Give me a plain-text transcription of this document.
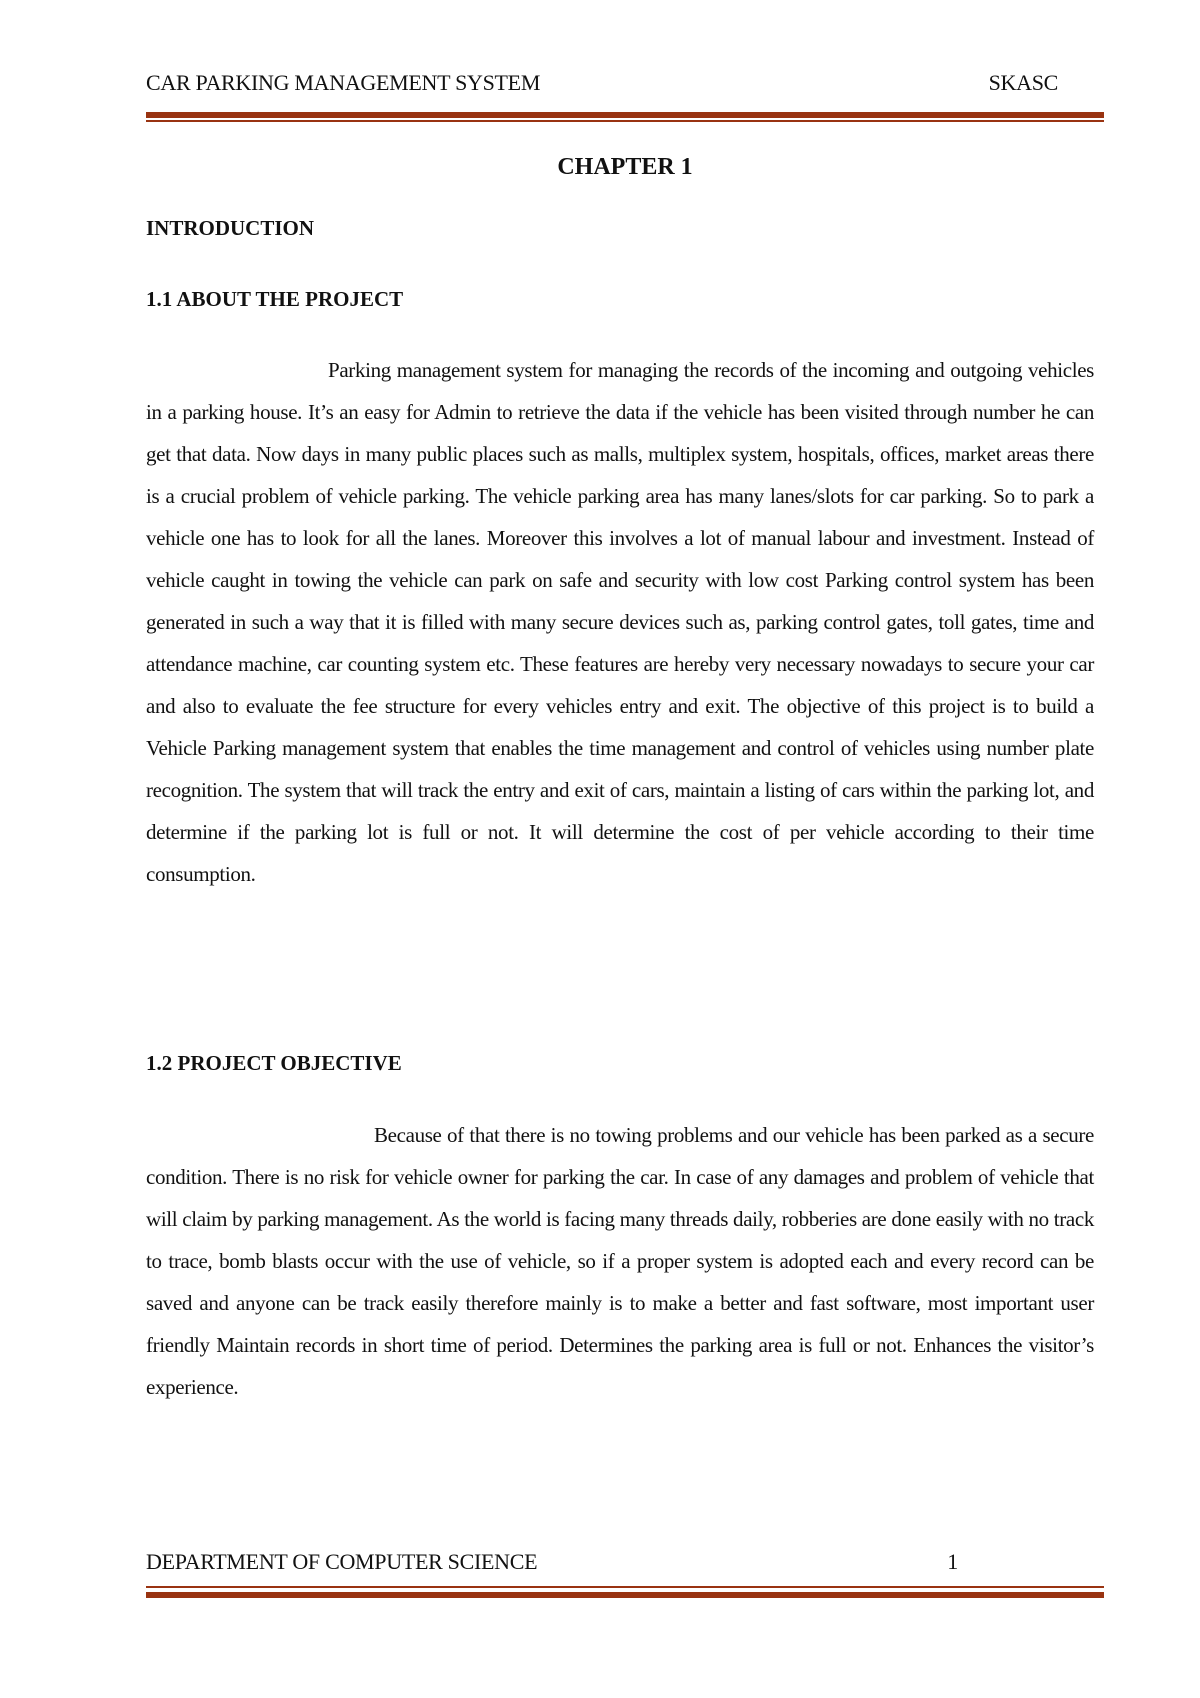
CAR PARKING MANAGEMENT SYSTEM	SKASC
CHAPTER 1
INTRODUCTION
1.1 ABOUT THE PROJECT
Parking management system for managing the records of the incoming and outgoing vehicles in a parking house. It’s an easy for Admin to retrieve the data if the vehicle has been visited through number he can get that data. Now days in many public places such as malls, multiplex system, hospitals, offices, market areas there is a crucial problem of vehicle parking. The vehicle parking area has many lanes/slots for car parking. So to park a vehicle one has to look for all the lanes. Moreover this involves a lot of manual labour and investment. Instead of vehicle caught in towing the vehicle can park on safe and security with low cost Parking control system has been generated in such a way that it is filled with many secure devices such as, parking control gates, toll gates, time and attendance machine, car counting system etc. These features are hereby very necessary nowadays to secure your car and also to evaluate the fee structure for every vehicles entry and exit. The objective of this project is to build a Vehicle Parking management system that enables the time management and control of vehicles using number plate recognition. The system that will track the entry and exit of cars, maintain a listing of cars within the parking lot, and determine if the parking lot is full or not. It will determine the cost of per vehicle according to their time consumption.
1.2 PROJECT OBJECTIVE
Because of that there is no towing problems and our vehicle has been parked as a secure condition. There is no risk for vehicle owner for parking the car. In case of any damages and problem of vehicle that will claim by parking management. As the world is facing many threads daily, robberies are done easily with no track to trace, bomb blasts occur with the use of vehicle, so if a proper system is adopted each and every record can be saved and anyone can be track easily therefore mainly is to make a better and fast software, most important user friendly Maintain records in short time of period. Determines the parking area is full or not. Enhances the visitor’s experience.
DEPARTMENT OF COMPUTER SCIENCE	1
